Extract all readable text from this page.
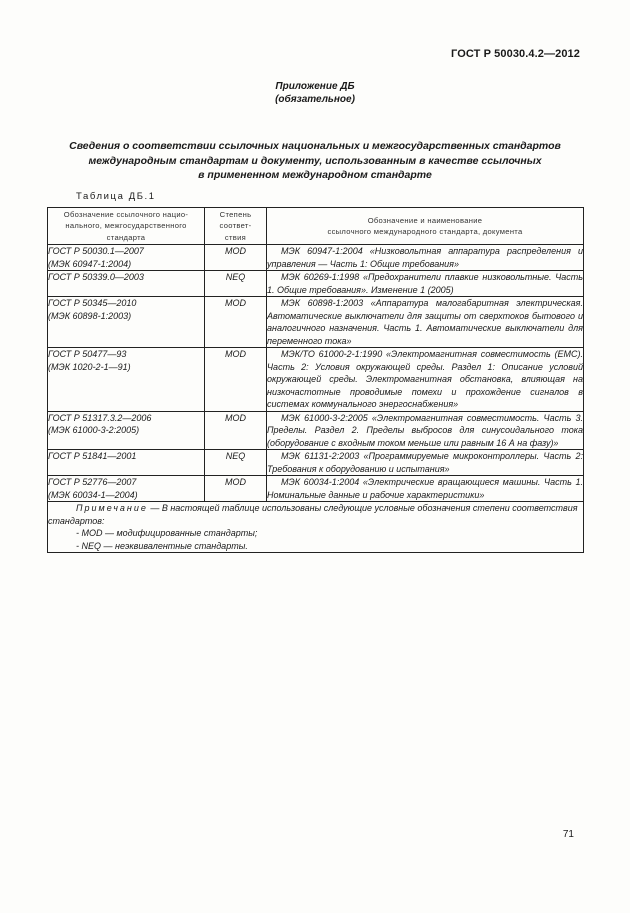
ГОСТ Р 50030.4.2—2012
Приложение ДБ
(обязательное)
Сведения о соответствии ссылочных национальных и межгосударственных стандартов
международным стандартам и документу, использованным в качестве ссылочных
в примененном международном стандарте
Таблица ДБ.1
Обозначение ссылочного нацио-
нального, межгосударственного
стандарта	Степень
соответ-
ствия	Обозначение и наименование
ссылочного международного стандарта, документа

ГОСТ Р 50030.1—2007
(МЭК 60947-1:2004)	MOD	МЭК 60947-1:2004 «Низковольтная аппаратура распределения и управления — Часть 1: Общие требования»

ГОСТ Р 50339.0—2003	NEQ	МЭК 60269-1:1998 «Предохранители плавкие низковольтные. Часть 1. Общие требования». Изменение 1 (2005)

ГОСТ Р 50345—2010
(МЭК 60898-1:2003)	MOD	МЭК 60898-1:2003 «Аппаратура малогабаритная электрическая. Автоматические выключатели для защиты от сверхтоков бытового и аналогичного назначения. Часть 1. Автоматические выключатели для переменного тока»

ГОСТ Р 50477—93
(МЭК 1020-2-1—91)	MOD	МЭК/ТО 61000-2-1:1990 «Электромагнитная совместимость (ЕМС). Часть 2: Условия окружающей среды. Раздел 1: Описание условий окружающей среды. Электромагнитная обстановка, влияющая на низкочастотные проводимые помехи и прохождение сигналов в системах коммунального энергоснабжения»

ГОСТ Р 51317.3.2—2006
(МЭК 61000-3-2:2005)	MOD	МЭК 61000-3-2:2005 «Электромагнитная совместимость. Часть 3. Пределы. Раздел 2. Пределы выбросов для синусоидального тока (оборудование с входным током меньше или равным 16 А на фазу)»

ГОСТ Р 51841—2001	NEQ	МЭК 61131-2:2003 «Программируемые микроконтроллеры. Часть 2: Требования к оборудованию и испытания»

ГОСТ Р 52776—2007
(МЭК 60034-1—2004)	MOD	МЭК 60034-1:2004 «Электрические вращающиеся машины. Часть 1. Номинальные данные и рабочие характеристики»

Примечание — В настоящей таблице использованы следующие условные обозначения степени соответствия стандартов:
- MOD — модифицированные стандарты;
- NEQ — неэквивалентные стандарты.		
71
